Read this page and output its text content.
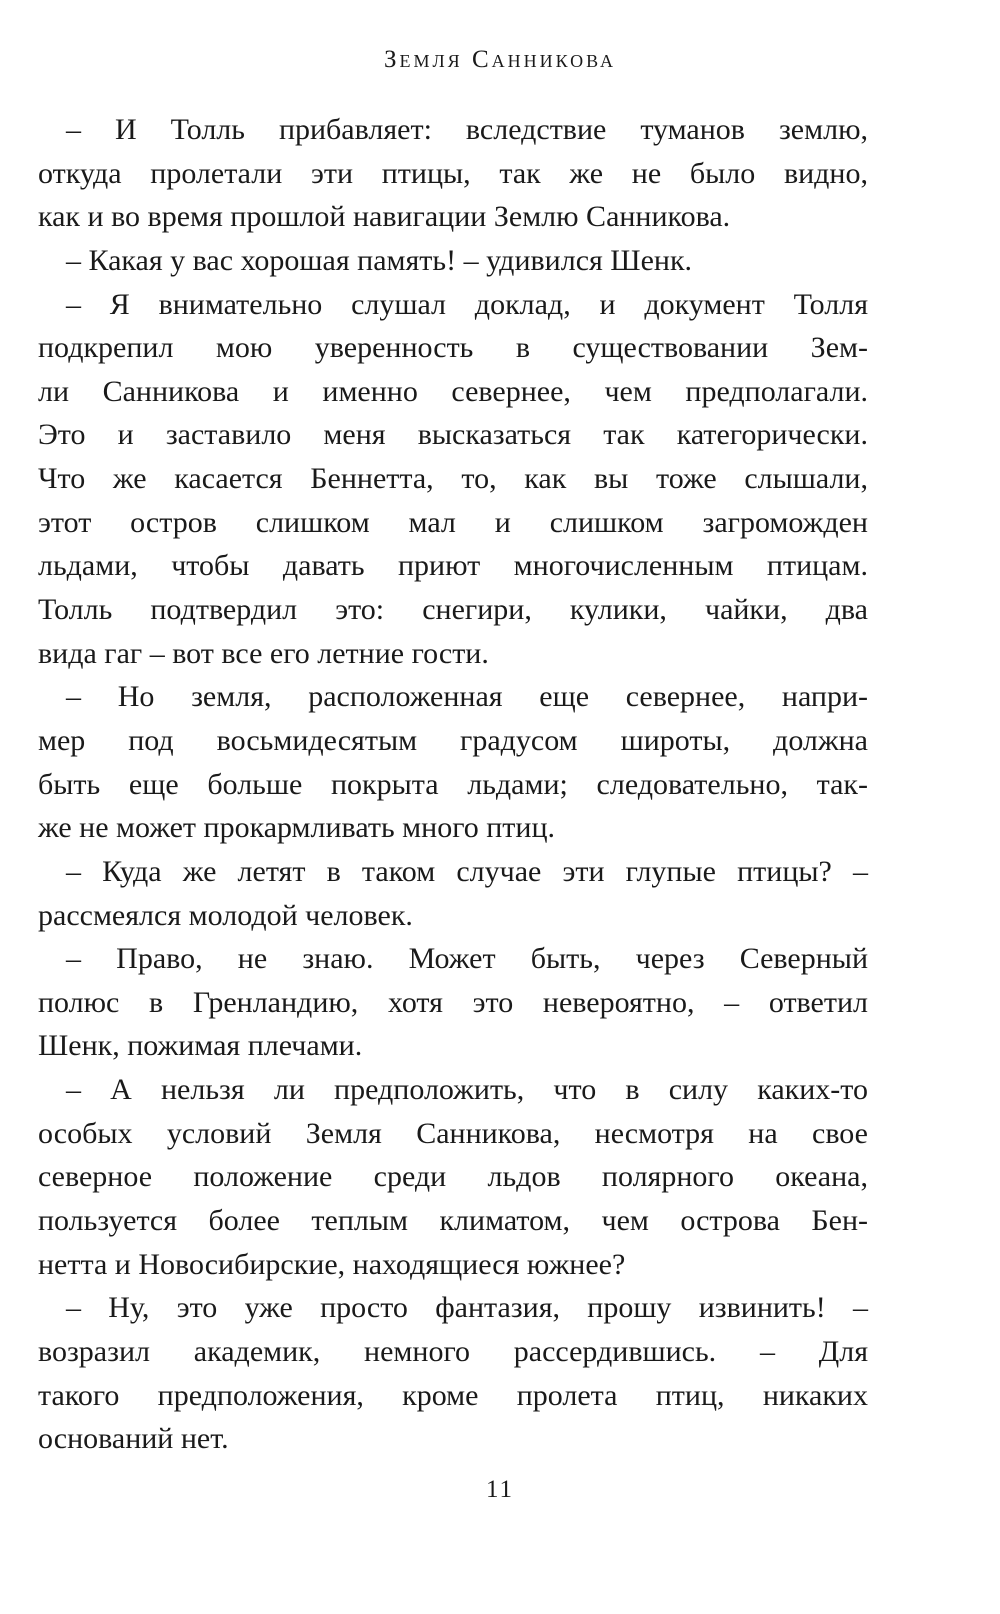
Земля Санникова
– И Толль прибавляет: вследствие туманов землю,
откуда пролетали эти птицы, так же не было видно,
как и во время прошлой навигации Землю Санникова.
– Какая у вас хорошая память! – удивился Шенк.
– Я внимательно слушал доклад, и документ Толля
подкрепил мою уверенность в существовании Зем-
ли Санникова и именно севернее, чем предполагали.
Это и заставило меня высказаться так категорически.
Что же касается Беннетта, то, как вы тоже слышали,
этот остров слишком мал и слишком загроможден
льдами, чтобы давать приют многочисленным птицам.
Толль подтвердил это: снегири, кулики, чайки, два
вида гаг – вот все его летние гости.
– Но земля, расположенная еще севернее, напри-
мер под восьмидесятым градусом широты, должна
быть еще больше покрыта льдами; следовательно, так-
же не может прокармливать много птиц.
– Куда же летят в таком случае эти глупые птицы? –
рассмеялся молодой человек.
– Право, не знаю. Может быть, через Северный
полюс в Гренландию, хотя это невероятно, – ответил
Шенк, пожимая плечами.
– А нельзя ли предположить, что в силу каких-то
особых условий Земля Санникова, несмотря на свое
северное положение среди льдов полярного океана,
пользуется более теплым климатом, чем острова Бен-
нетта и Новосибирские, находящиеся южнее?
– Ну, это уже просто фантазия, прошу извинить! –
возразил академик, немного рассердившись. – Для
такого предположения, кроме пролета птиц, никаких
оснований нет.
11
